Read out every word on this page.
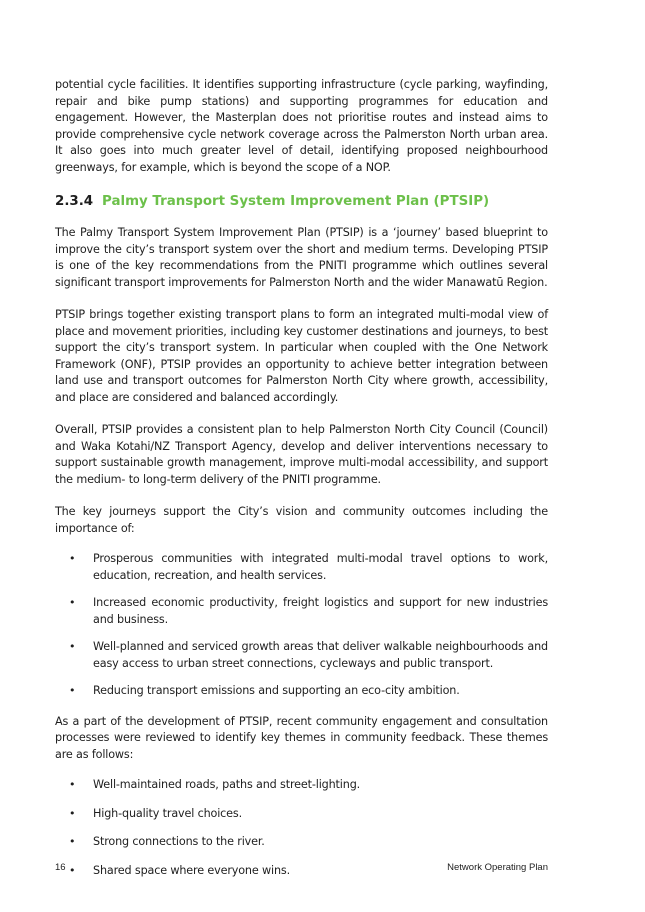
potential cycle facilities. It identifies supporting infrastructure (cycle parking, wayfinding, repair and bike pump stations) and supporting programmes for education and engagement. However, the Masterplan does not prioritise routes and instead aims to provide comprehensive cycle network coverage across the Palmerston North urban area. It also goes into much greater level of detail, identifying proposed neighbourhood greenways, for example, which is beyond the scope of a NOP.

2.3.4 Palmy Transport System Improvement Plan (PTSIP)

The Palmy Transport System Improvement Plan (PTSIP) is a ‘journey’ based blueprint to improve the city’s transport system over the short and medium terms. Developing PTSIP is one of the key recommendations from the PNITI programme which outlines several significant transport improvements for Palmerston North and the wider Manawatū Region.

PTSIP brings together existing transport plans to form an integrated multi-modal view of place and movement priorities, including key customer destinations and journeys, to best support the city’s transport system. In particular when coupled with the One Network Framework (ONF), PTSIP provides an opportunity to achieve better integration between land use and transport outcomes for Palmerston North City where growth, accessibility, and place are considered and balanced accordingly.

Overall, PTSIP provides a consistent plan to help Palmerston North City Council (Council) and Waka Kotahi/NZ Transport Agency, develop and deliver interventions necessary to support sustainable growth management, improve multi-modal accessibility, and support the medium- to long-term delivery of the PNITI programme.

The key journeys support the City’s vision and community outcomes including the importance of:

• Prosperous communities with integrated multi-modal travel options to work, education, recreation, and health services.
• Increased economic productivity, freight logistics and support for new industries and business.
• Well-planned and serviced growth areas that deliver walkable neighbourhoods and easy access to urban street connections, cycleways and public transport.
• Reducing transport emissions and supporting an eco-city ambition.

As a part of the development of PTSIP, recent community engagement and consultation processes were reviewed to identify key themes in community feedback. These themes are as follows:

• Well-maintained roads, paths and street-lighting.
• High-quality travel choices.
• Strong connections to the river.
• Shared space where everyone wins.
16	Network Operating Plan
